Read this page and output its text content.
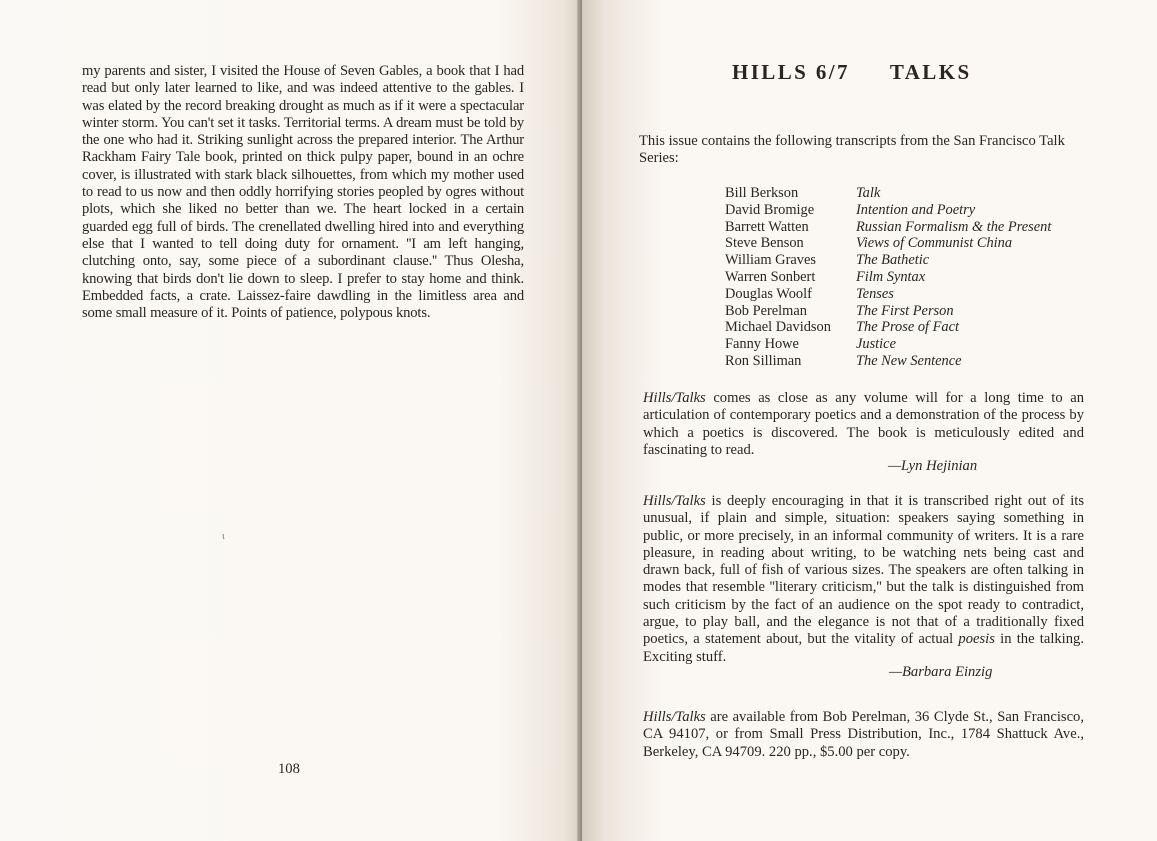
my parents and sister, I visited the House of Seven Gables, a book that I had read but only later learned to like, and was indeed attentive to the gables. I was elated by the record breaking drought as much as if it were a spectacular winter storm. You can't set it tasks. Territorial terms. A dream must be told by the one who had it. Striking sunlight across the prepared interior. The Arthur Rackham Fairy Tale book, printed on thick pulpy paper, bound in an ochre cover, is illustrated with stark black silhouettes, from which my mother used to read to us now and then oddly horrifying stories peopled by ogres without plots, which she liked no better than we. The heart locked in a certain guarded egg full of birds. The crenellated dwelling hired into and everything else that I wanted to tell doing duty for ornament. ''I am left hanging, clutching onto, say, some piece of a subordinant clause.'' Thus Olesha, knowing that birds don't lie down to sleep. I prefer to stay home and think. Embedded facts, a crate. Laissez-faire dawdling in the limitless area and some small measure of it. Points of patience, polypous knots.

ι
108
HILLS 6/7 TALKS

This issue contains the following transcripts from the San Francisco Talk Series:

Bill Berkson	Talk
David Bromige	Intention and Poetry
Barrett Watten	Russian Formalism & the Present
Steve Benson	Views of Communist China
William Graves	The Bathetic
Warren Sonbert	Film Syntax
Douglas Woolf	Tenses
Bob Perelman	The First Person
Michael Davidson	The Prose of Fact
Fanny Howe	Justice
Ron Silliman	The New Sentence

Hills/Talks comes as close as any volume will for a long time to an articulation of contemporary poetics and a demonstration of the process by which a poetics is discovered. The book is meticulously edited and fascinating to read.

—Lyn Hejinian

Hills/Talks is deeply encouraging in that it is transcribed right out of its unusual, if plain and simple, situation: speakers saying something in public, or more precisely, in an informal community of writers. It is a rare pleasure, in reading about writing, to be watching nets being cast and drawn back, full of fish of various sizes. The speakers are often talking in modes that resemble ''literary criticism,'' but the talk is distinguished from such criticism by the fact of an audience on the spot ready to contradict, argue, to play ball, and the elegance is not that of a traditionally fixed poetics, a statement about, but the vitality of actual poesis in the talking. Exciting stuff.

—Barbara Einzig

Hills/Talks are available from Bob Perelman, 36 Clyde St., San Francisco, CA 94107, or from Small Press Distribution, Inc., 1784 Shattuck Ave., Berkeley, CA 94709. 220 pp., $5.00 per copy.
